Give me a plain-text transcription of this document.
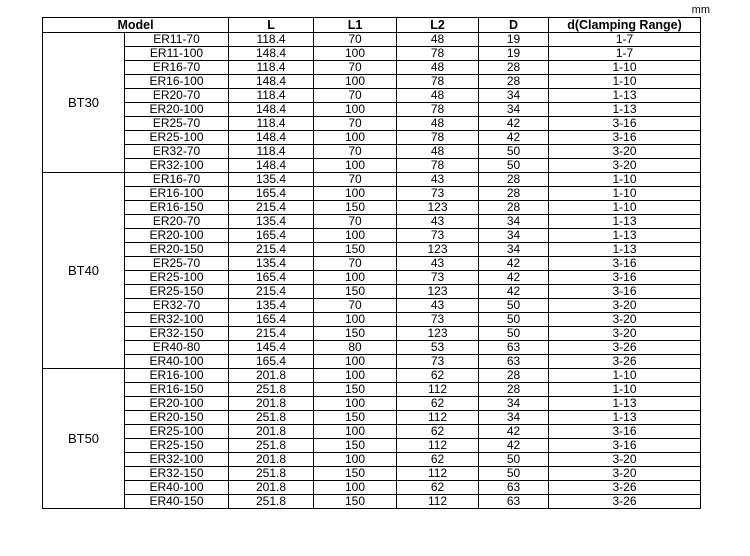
mm
Model		L	L1	L2	D	d(Clamping Range)
BT30	ER11-70	118.4	70	48	19	1-7
	ER11-100	148.4	100	78	19	1-7
	ER16-70	118.4	70	48	28	1-10
	ER16-100	148.4	100	78	28	1-10
	ER20-70	118.4	70	48	34	1-13
	ER20-100	148.4	100	78	34	1-13
	ER25-70	118.4	70	48	42	3-16
	ER25-100	148.4	100	78	42	3-16
	ER32-70	118.4	70	48	50	3-20
	ER32-100	148.4	100	78	50	3-20
BT40	ER16-70	135.4	70	43	28	1-10
	ER16-100	165.4	100	73	28	1-10
	ER16-150	215.4	150	123	28	1-10
	ER20-70	135.4	70	43	34	1-13
	ER20-100	165.4	100	73	34	1-13
	ER20-150	215.4	150	123	34	1-13
	ER25-70	135.4	70	43	42	3-16
	ER25-100	165.4	100	73	42	3-16
	ER25-150	215.4	150	123	42	3-16
	ER32-70	135.4	70	43	50	3-20
	ER32-100	165.4	100	73	50	3-20
	ER32-150	215.4	150	123	50	3-20
	ER40-80	145.4	80	53	63	3-26
	ER40-100	165.4	100	73	63	3-26
BT50	ER16-100	201.8	100	62	28	1-10
	ER16-150	251.8	150	112	28	1-10
	ER20-100	201.8	100	62	34	1-13
	ER20-150	251.8	150	112	34	1-13
	ER25-100	201.8	100	62	42	3-16
	ER25-150	251.8	150	112	42	3-16
	ER32-100	201.8	100	62	50	3-20
	ER32-150	251.8	150	112	50	3-20
	ER40-100	201.8	100	62	63	3-26
	ER40-150	251.8	150	112	63	3-26
